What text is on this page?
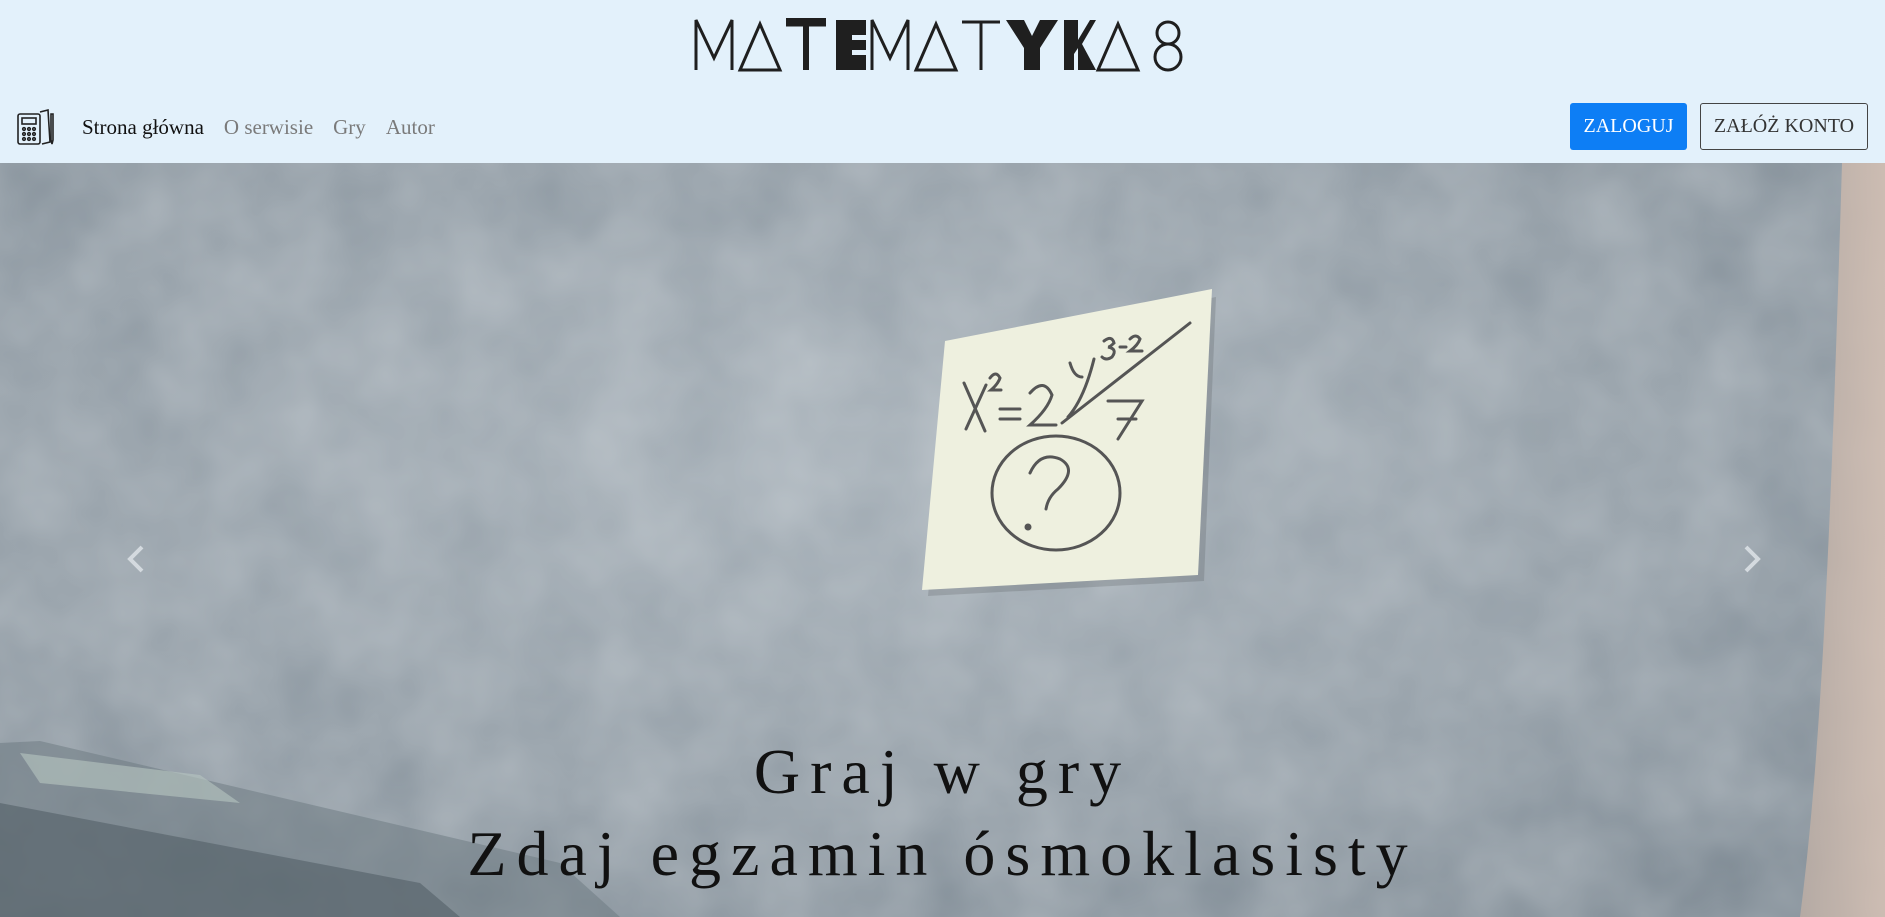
Strona główna O serwisie Gry Autor	ZALOGUJ	ZAŁÓŻ KONTO
Graj w gry
Zdaj egzamin ósmoklasisty
